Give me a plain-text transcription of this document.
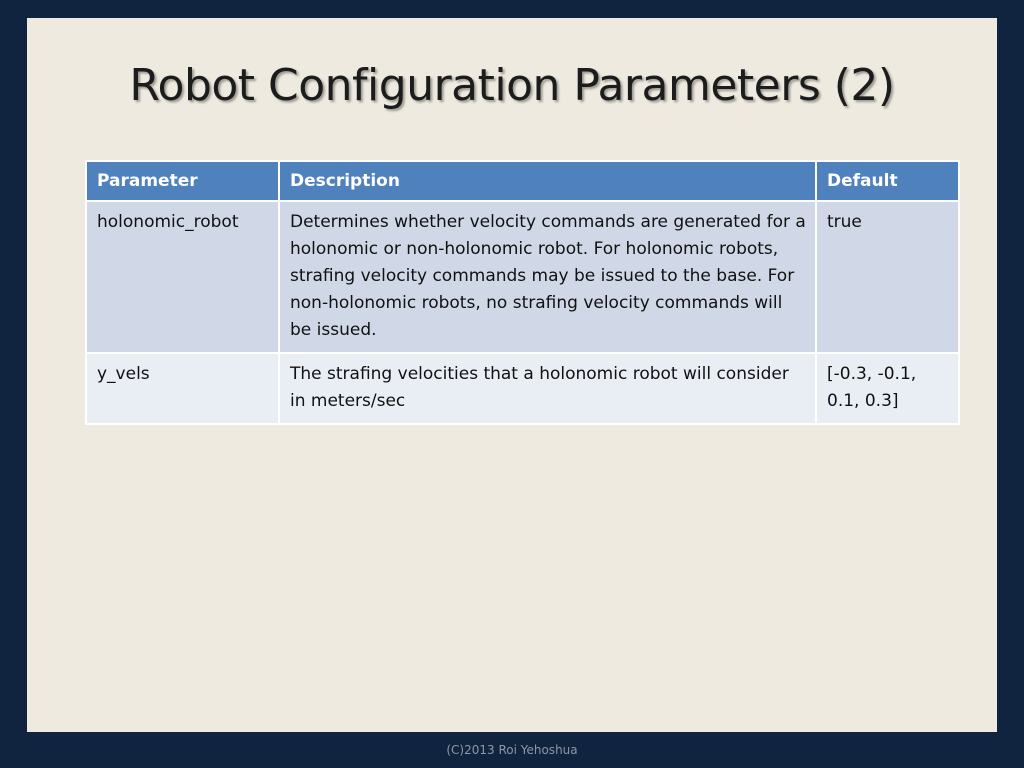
Robot Configuration Parameters (2)
Parameter	Description	Default
holonomic_robot	Determines whether velocity commands are generated for a holonomic or non-holonomic robot. For holonomic robots, strafing velocity commands may be issued to the base. For non-holonomic robots, no strafing velocity commands will be issued.	true
y_vels	The strafing velocities that a holonomic robot will consider in meters/sec	[-0.3, -0.1, 0.1, 0.3]
(C)2013 Roi Yehoshua
